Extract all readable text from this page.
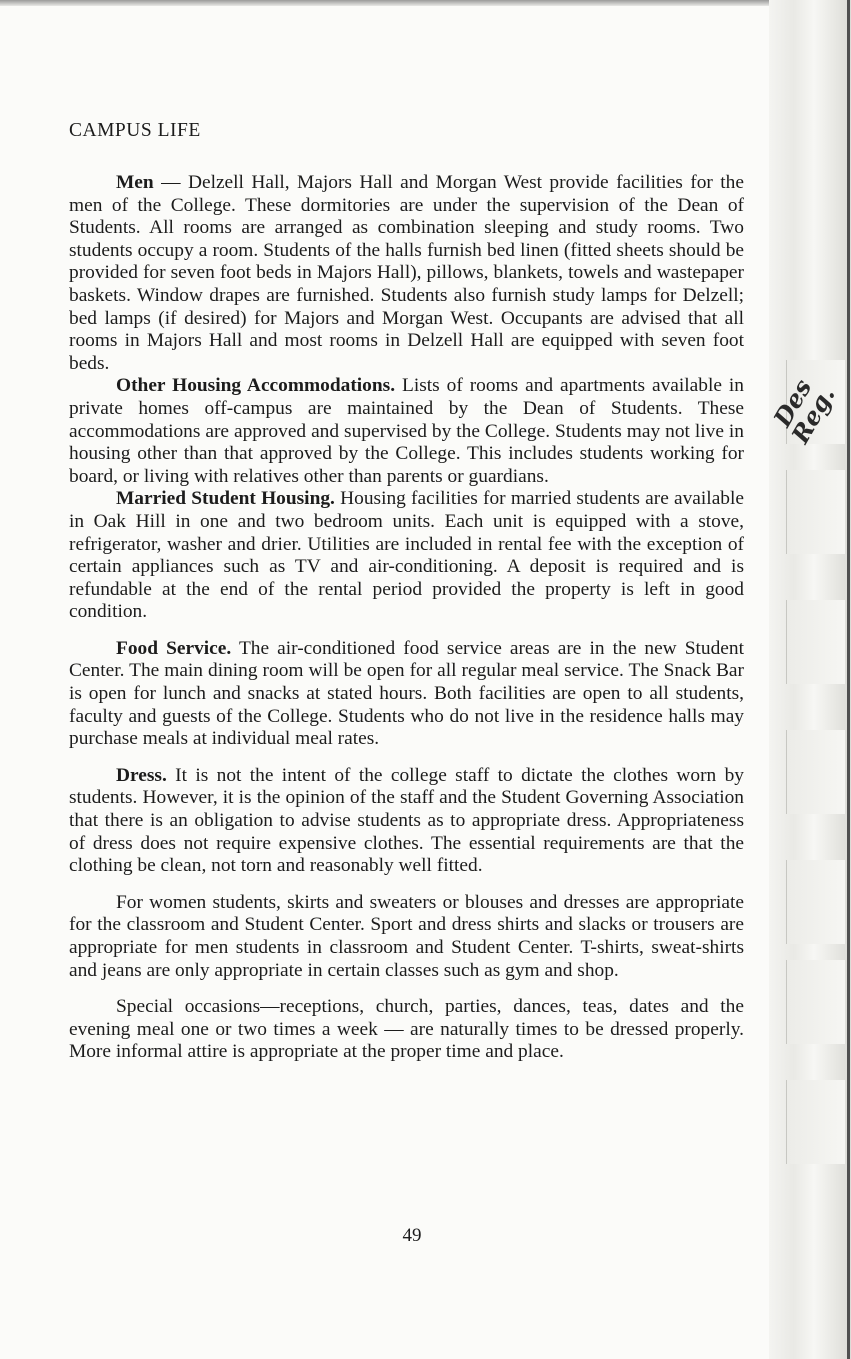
Des
Reg.
CAMPUS LIFE

Men — Delzell Hall, Majors Hall and Morgan West provide facilities for the men of the College. These dormitories are under the supervision of the Dean of Students. All rooms are arranged as combination sleeping and study rooms. Two students occupy a room. Students of the halls furnish bed linen (fitted sheets should be provided for seven foot beds in Majors Hall), pillows, blankets, towels and wastepaper baskets. Window drapes are furnished. Students also furnish study lamps for Delzell; bed lamps (if desired) for Majors and Morgan West. Occupants are advised that all rooms in Majors Hall and most rooms in Delzell Hall are equipped with seven foot beds.

Other Housing Accommodations. Lists of rooms and apartments available in private homes off-campus are maintained by the Dean of Students. These accommodations are approved and supervised by the College. Students may not live in housing other than that approved by the College. This includes students working for board, or living with relatives other than parents or guardians.

Married Student Housing. Housing facilities for married students are available in Oak Hill in one and two bedroom units. Each unit is equipped with a stove, refrigerator, washer and drier. Utilities are included in rental fee with the exception of certain appliances such as TV and air-conditioning. A deposit is required and is refundable at the end of the rental period provided the property is left in good condition.

Food Service. The air-conditioned food service areas are in the new Student Center. The main dining room will be open for all regular meal service. The Snack Bar is open for lunch and snacks at stated hours. Both facilities are open to all students, faculty and guests of the College. Students who do not live in the residence halls may purchase meals at individual meal rates.

Dress. It is not the intent of the college staff to dictate the clothes worn by students. However, it is the opinion of the staff and the Student Governing Association that there is an obligation to advise students as to appropriate dress. Appropriateness of dress does not require expensive clothes. The essential requirements are that the clothing be clean, not torn and reasonably well fitted.

For women students, skirts and sweaters or blouses and dresses are appropriate for the classroom and Student Center. Sport and dress shirts and slacks or trousers are appropriate for men students in classroom and Student Center. T-shirts, sweat-shirts and jeans are only appropriate in certain classes such as gym and shop.

Special occasions—receptions, church, parties, dances, teas, dates and the evening meal one or two times a week — are naturally times to be dressed properly. More informal attire is appropriate at the proper time and place.

49
